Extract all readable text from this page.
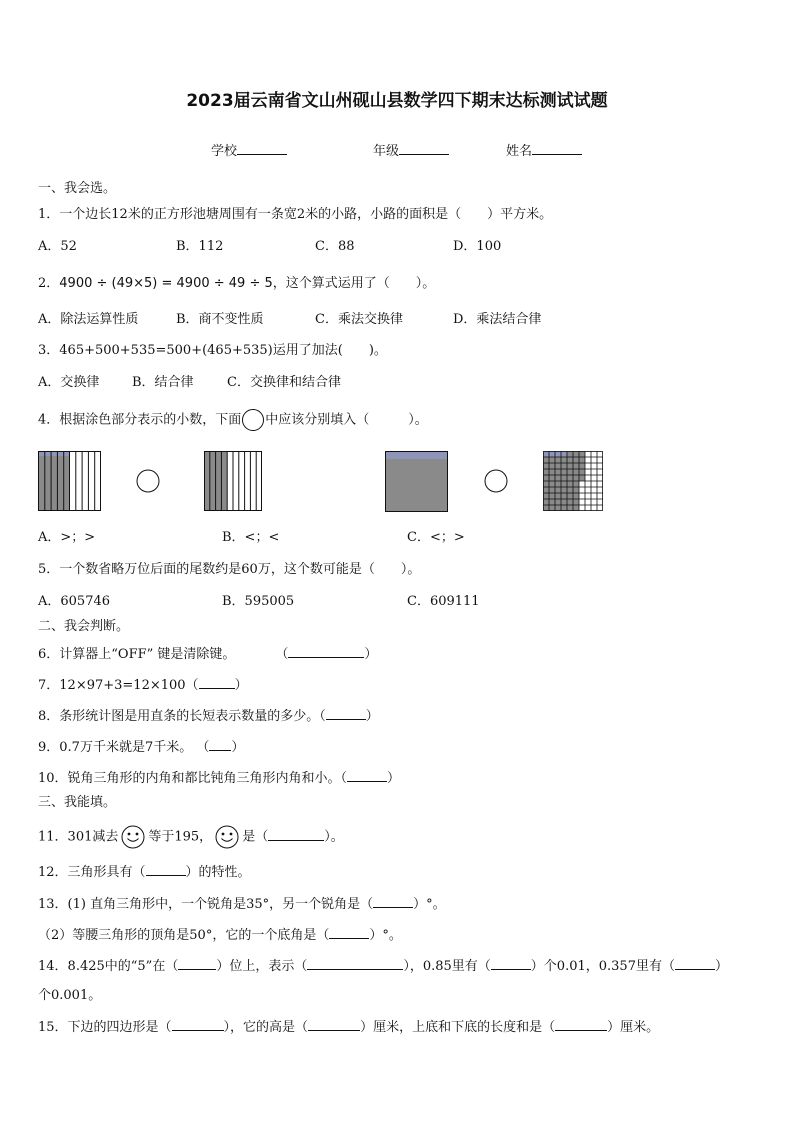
2023届云南省文山州砚山县数学四下期末达标测试试题
学校	年级	姓名
一、我会选。
1．一个边长12米的正方形池塘周围有一条宽2米的小路，小路的面积是（　　）平方米。
A．52	B．112	C．88	D．100
2．4900 ÷ (49×5) = 4900 ÷ 49 ÷ 5，这个算式运用了（　　）。
A．除法运算性质	B．商不变性质	C．乘法交换律	D．乘法结合律
3．465+500+535=500+(465+535)运用了加法(　　)。
A．交换律	B．结合律	C．交换律和结合律
4．根据涂色部分表示的小数，下面 中应该分别填入（　　　）。
A．>；>	B．<；<	C．<；>
5．一个数省略万位后面的尾数约是60万，这个数可能是（　　）。
A．605746	B．595005	C．609111
二、我会判断。
6．计算器上“OFF” 键是清除键。	（	）
7．12×97+3=12×100（	）
8．条形统计图是用直条的长短表示数量的多少。（	）
9．0.7万千米就是7千米。 （ ）
10．锐角三角形的内角和都比钝角三角形内角和小。（	）
三、我能填。
11．301减去 等于195， 是（	）。
12．三角形具有（	）的特性。
13．(1) 直角三角形中，一个锐角是35°，另一个锐角是（	）°。
（2）等腰三角形的顶角是50°，它的一个底角是（	）°。
14．8.425中的“5”在（	）位上，表示（	），0.85里有（	）个0.01，0.357里有（	）
个0.001。
15．下边的四边形是（	），它的高是（	）厘米，上底和下底的长度和是（	）厘米。
